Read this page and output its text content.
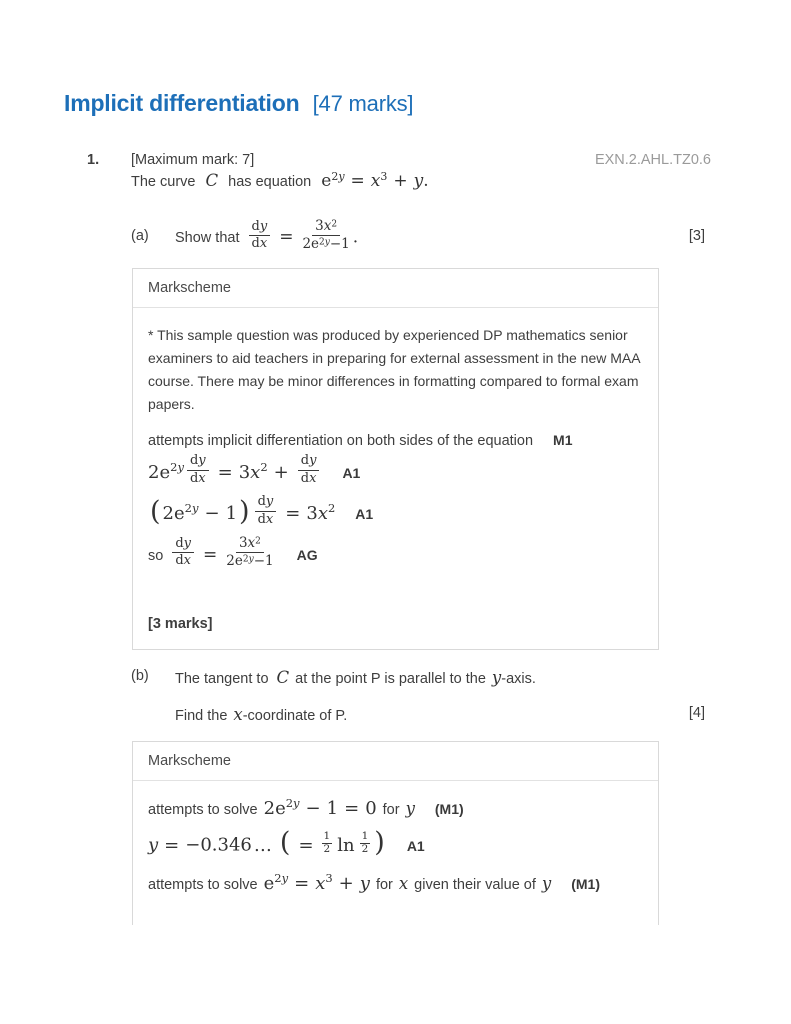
Implicit differentiation [47 marks]
1.	[Maximum mark: 7]	EXN.2.AHL.TZ0.6
The curve C has equation $e^{2y} = x^3 + y$.
(a) Show that $\frac{dy}{dx} = \frac{3x^2}{2e^{2y}-1}$ .	[3]
Markscheme
* This sample question was produced by experienced DP mathematics senior
examiners to aid teachers in preparing for external assessment in the new MAA
course. There may be minor differences in formatting compared to formal exam
papers.
attempts implicit differentiation on both sides of the equation M1
$2e^{2y} \frac{dy}{dx} = 3x^2 + \frac{dy}{dx} A1$
( $2e^{2y} - 1) \frac{dy}{dx} = 3x^2$ A1
so $\frac{dy}{dx} = \frac{3x^2}{2e^{2y}-1}$ AG
[3 marks]
(b) The tangent to C at the point P is parallel to the y-axis.
Find the x-coordinate of P.	[4]
Markscheme
attempts to solve $2e^{2y} - 1 = 0$ for y (M1)
y = −0.346 … ( = $\frac{1}{2}$ $\ln \frac{1}{2}$ ) A1
attempts to solve $e^{2y} = x^3 + y$ for x given their value of y (M1)
